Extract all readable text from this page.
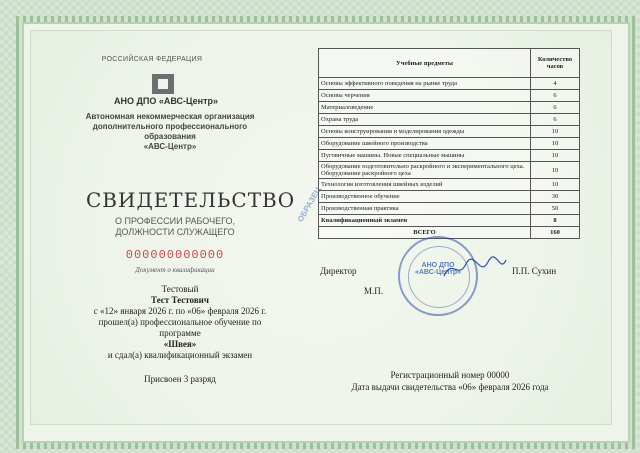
РОССИЙСКАЯ ФЕДЕРАЦИЯ
АНО ДПО «АВС-Центр»
Автономная некоммерческая организация
дополнительного профессионального образования
«АВС-Центр»
СВИДЕТЕЛЬСТВО
О ПРОФЕССИИ РАБОЧЕГО,
ДОЛЖНОСТИ СЛУЖАЩЕГО
000000000000
Документ о квалификации
Тестовый
Тест Тестович
с «12» января 2026 г. по «06» февраля 2026 г.
прошел(а) профессиональное обучение по программе
«Швея»
и сдал(а) квалификационный экзамен
Присвоен 3 разряд
Учебные предметы	Количество часов
Основы эффективного поведения на рынке труда	4
Основы черчения	6
Материаловедение	6
Охрана труда	6
Основы конструирования и моделирования одежды	10
Оборудование швейного производства	10
Пуговичные машины. Новые специальные машины	10
Оборудование подготовительно раскройного и экспериментального цеха. Оборудование раскройного цеха	10
Технология изготовления швейных изделий	10
Производственное обучение	30
Производственная практика	50
Квалификационный экзамен	8
ВСЕГО	160
ОБРАЗЕЦ
Директор	П.П. Сухин
АНО ДПО
«АВС-Центр»
М.П.
Регистрационный номер 00000
Дата выдачи свидетельства «06» февраля 2026 года
